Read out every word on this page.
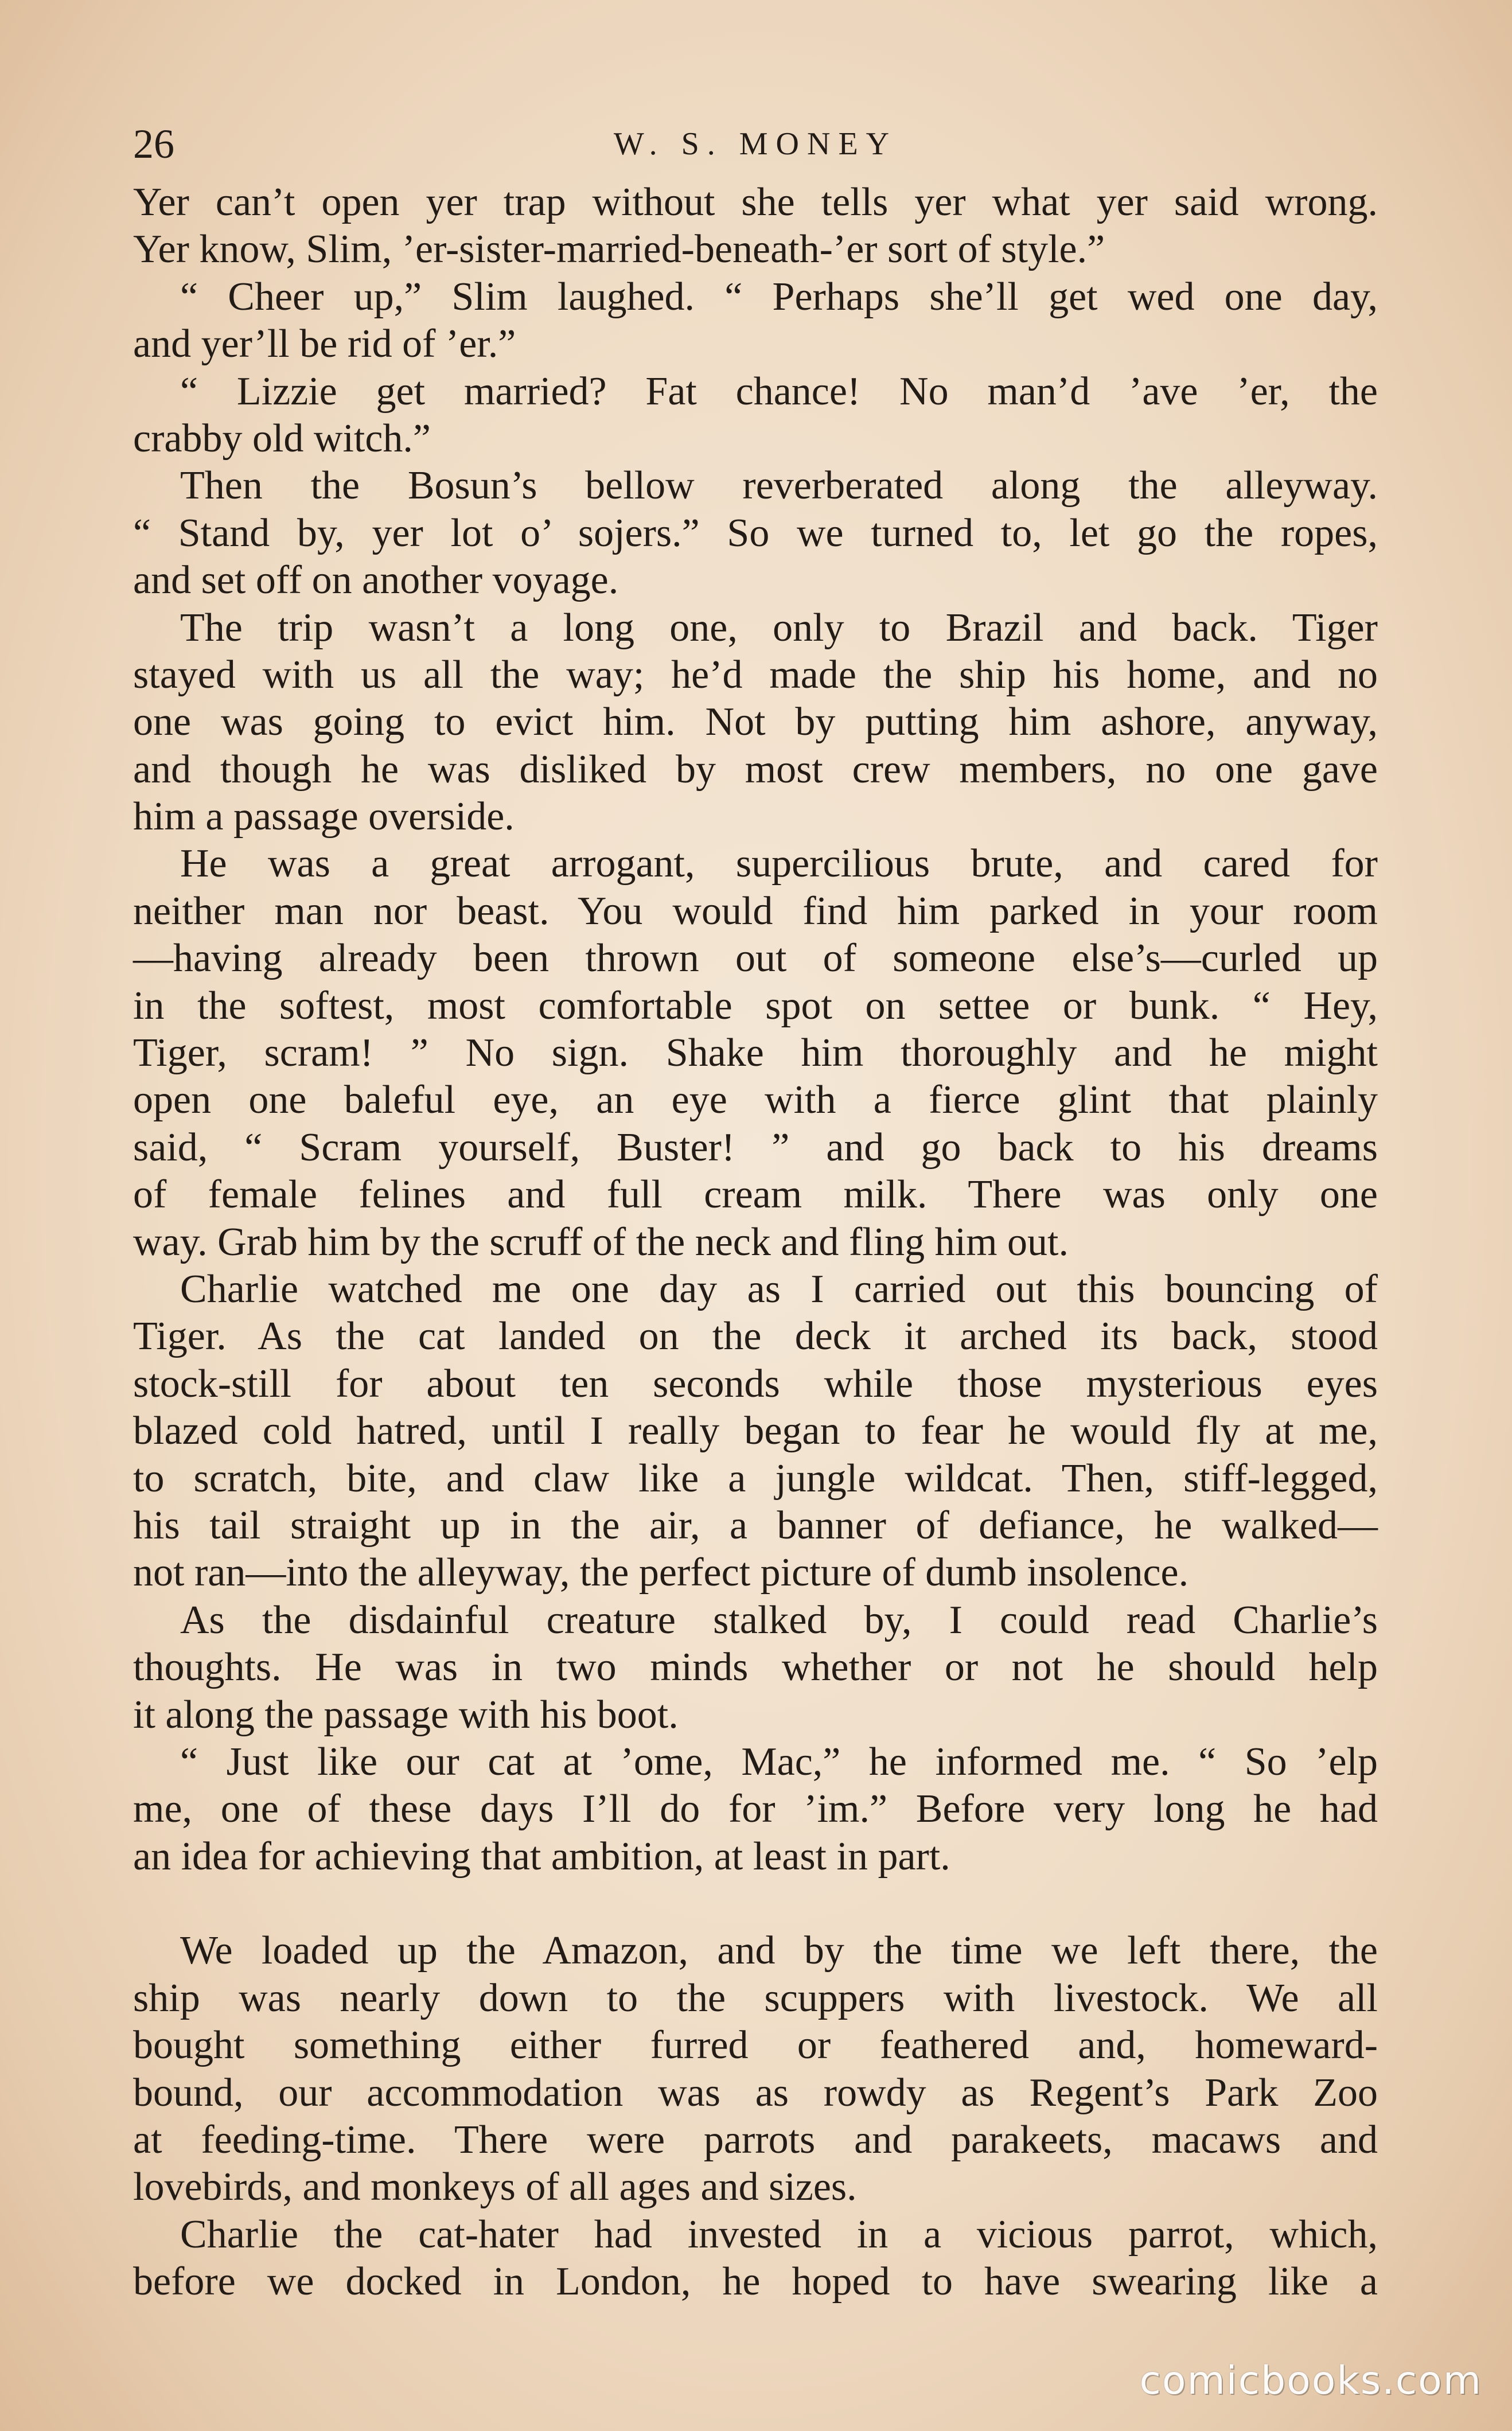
26	W. S. MONEY
Yer can’t open yer trap without she tells yer what yer said wrong.
Yer know, Slim, ’er-sister-married-beneath-’er sort of style.”
“ Cheer up,” Slim laughed. “ Perhaps she’ll get wed one day,
and yer’ll be rid of ’er.”
“ Lizzie get married? Fat chance! No man’d ’ave ’er, the
crabby old witch.”
Then the Bosun’s bellow reverberated along the alleyway.
“ Stand by, yer lot o’ sojers.” So we turned to, let go the ropes,
and set off on another voyage.
The trip wasn’t a long one, only to Brazil and back. Tiger
stayed with us all the way; he’d made the ship his home, and no
one was going to evict him. Not by putting him ashore, anyway,
and though he was disliked by most crew members, no one gave
him a passage overside.
He was a great arrogant, supercilious brute, and cared for
neither man nor beast. You would find him parked in your room
—having already been thrown out of someone else’s—curled up
in the softest, most comfortable spot on settee or bunk. “ Hey,
Tiger, scram! ” No sign. Shake him thoroughly and he might
open one baleful eye, an eye with a fierce glint that plainly
said, “ Scram yourself, Buster! ” and go back to his dreams
of female felines and full cream milk. There was only one
way. Grab him by the scruff of the neck and fling him out.
Charlie watched me one day as I carried out this bouncing of
Tiger. As the cat landed on the deck it arched its back, stood
stock-still for about ten seconds while those mysterious eyes
blazed cold hatred, until I really began to fear he would fly at me,
to scratch, bite, and claw like a jungle wildcat. Then, stiff-legged,
his tail straight up in the air, a banner of defiance, he walked—
not ran—into the alleyway, the perfect picture of dumb insolence.
As the disdainful creature stalked by, I could read Charlie’s
thoughts. He was in two minds whether or not he should help
it along the passage with his boot.
“ Just like our cat at ’ome, Mac,” he informed me. “ So ’elp
me, one of these days I’ll do for ’im.” Before very long he had
an idea for achieving that ambition, at least in part.
We loaded up the Amazon, and by the time we left there, the
ship was nearly down to the scuppers with livestock. We all
bought something either furred or feathered and, homeward-
bound, our accommodation was as rowdy as Regent’s Park Zoo
at feeding-time. There were parrots and parakeets, macaws and
lovebirds, and monkeys of all ages and sizes.
Charlie the cat-hater had invested in a vicious parrot, which,
before we docked in London, he hoped to have swearing like a
comicbooks.com
